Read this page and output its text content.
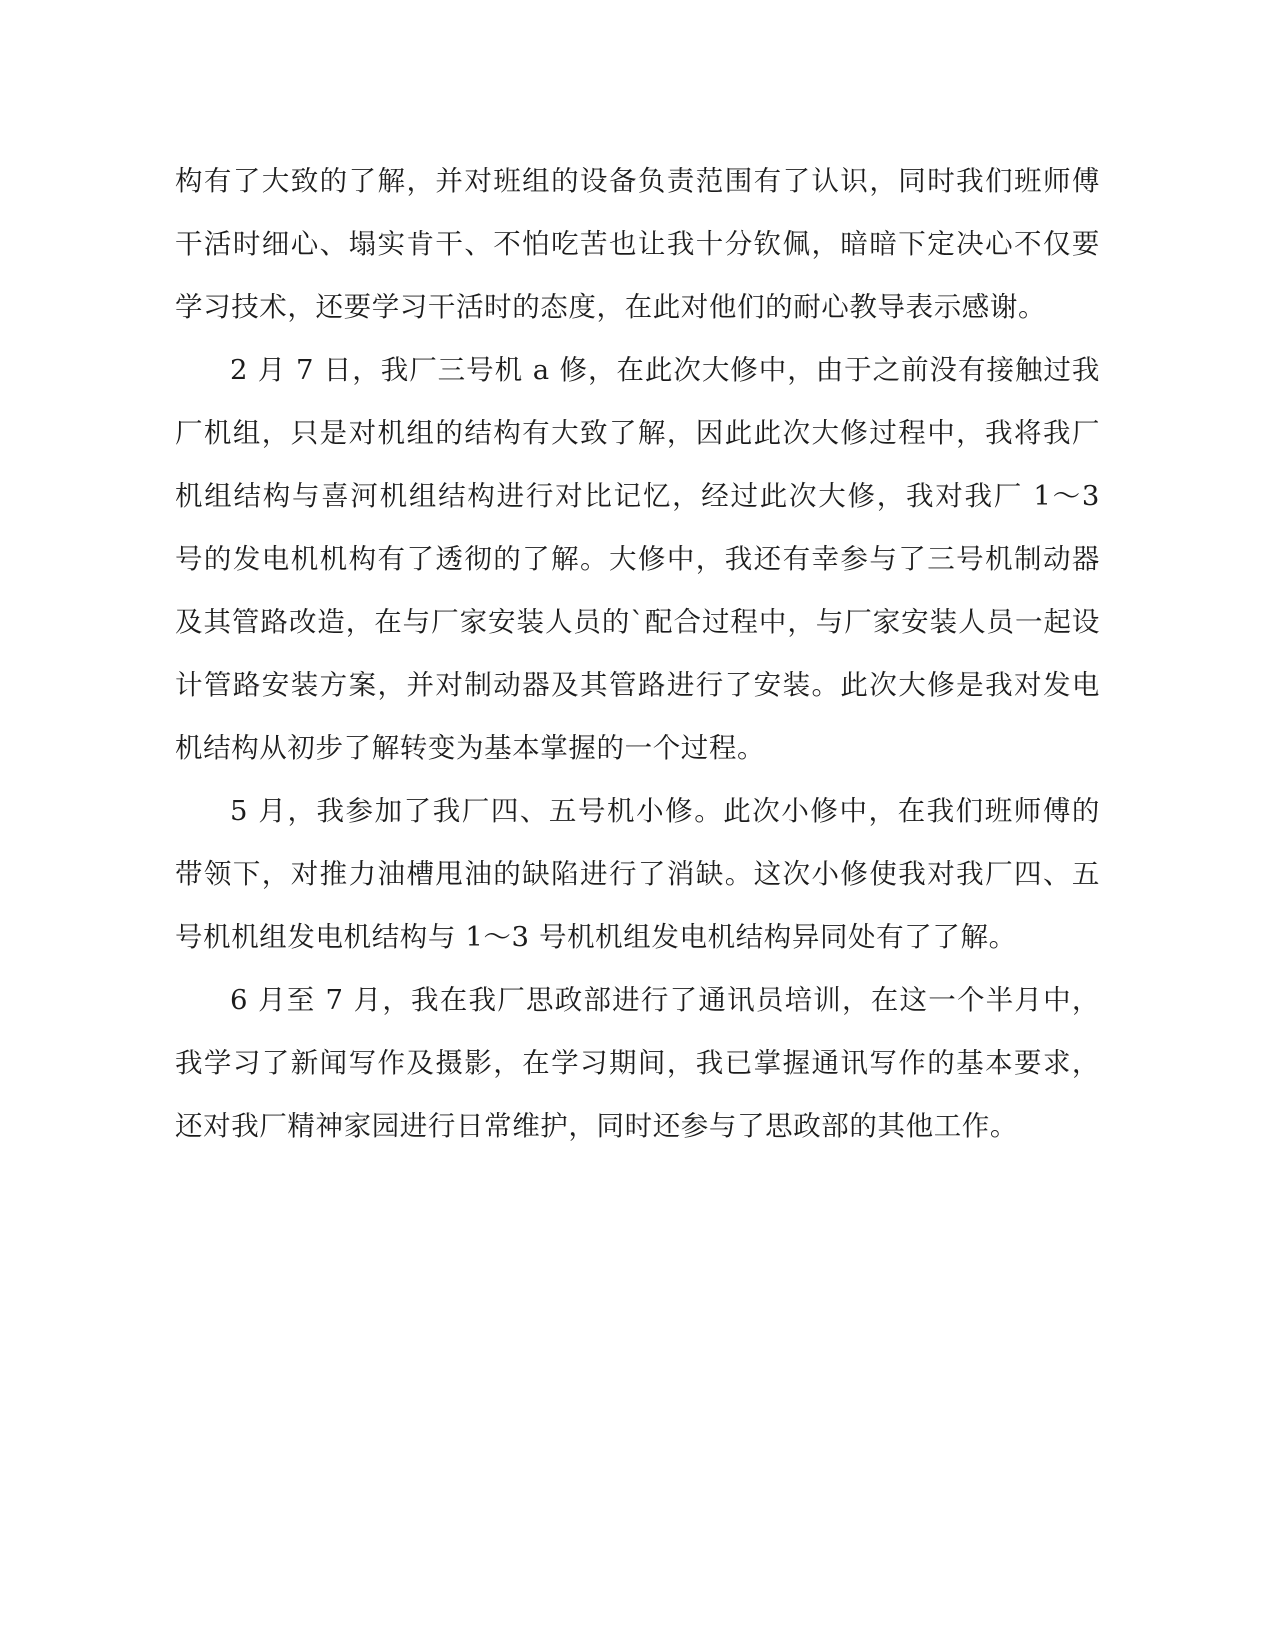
构有了大致的了解，并对班组的设备负责范围有了认识，同时我们班师傅干活时细心、塌实肯干、不怕吃苦也让我十分钦佩，暗暗下定决心不仅要学习技术，还要学习干活时的态度，在此对他们的耐心教导表示感谢。

2 月 7 日，我厂三号机 a 修，在此次大修中，由于之前没有接触过我厂机组，只是对机组的结构有大致了解，因此此次大修过程中，我将我厂机组结构与喜河机组结构进行对比记忆，经过此次大修，我对我厂 1～3 号的发电机机构有了透彻的了解。大修中，我还有幸参与了三号机制动器及其管路改造，在与厂家安装人员的`配合过程中，与厂家安装人员一起设计管路安装方案，并对制动器及其管路进行了安装。此次大修是我对发电机结构从初步了解转变为基本掌握的一个过程。

5 月，我参加了我厂四、五号机小修。此次小修中，在我们班师傅的带领下，对推力油槽甩油的缺陷进行了消缺。这次小修使我对我厂四、五号机机组发电机结构与 1～3 号机机组发电机结构异同处有了了解。

6 月至 7 月，我在我厂思政部进行了通讯员培训，在这一个半月中，我学习了新闻写作及摄影，在学习期间，我已掌握通讯写作的基本要求，还对我厂精神家园进行日常维护，同时还参与了思政部的其他工作。
